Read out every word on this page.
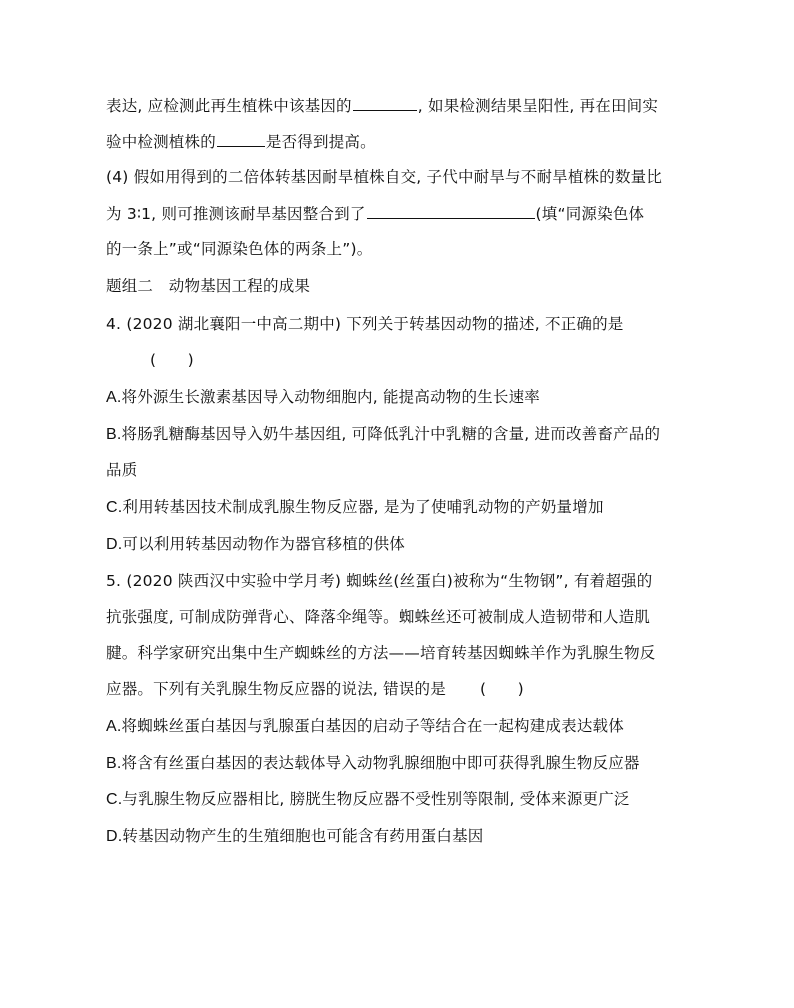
表达, 应检测此再生植株中该基因的	, 如果检测结果呈阳性, 再在田间实
验中检测植株的	是否得到提高。
(4) 假如用得到的二倍体转基因耐旱植株自交, 子代中耐旱与不耐旱植株的数量比
为 3∶1, 则可推测该耐旱基因整合到了	(填“同源染色体
的一条上”或“同源染色体的两条上”)。
题组二　动物基因工程的成果
4. (2020 湖北襄阳一中高二期中) 下列关于转基因动物的描述, 不正确的是
(　　)
A.将外源生长激素基因导入动物细胞内, 能提高动物的生长速率
B.将肠乳糖酶基因导入奶牛基因组, 可降低乳汁中乳糖的含量, 进而改善畜产品的
品质
C.利用转基因技术制成乳腺生物反应器, 是为了使哺乳动物的产奶量增加
D.可以利用转基因动物作为器官移植的供体
5. (2020 陕西汉中实验中学月考) 蜘蛛丝(丝蛋白)被称为“生物钢”, 有着超强的
抗张强度, 可制成防弹背心、降落伞绳等。蜘蛛丝还可被制成人造韧带和人造肌
腱。科学家研究出集中生产蜘蛛丝的方法——培育转基因蜘蛛羊作为乳腺生物反
应器。下列有关乳腺生物反应器的说法, 错误的是 (　　)
A.将蜘蛛丝蛋白基因与乳腺蛋白基因的启动子等结合在一起构建成表达载体
B.将含有丝蛋白基因的表达载体导入动物乳腺细胞中即可获得乳腺生物反应器
C.与乳腺生物反应器相比, 膀胱生物反应器不受性别等限制, 受体来源更广泛
D.转基因动物产生的生殖细胞也可能含有药用蛋白基因
